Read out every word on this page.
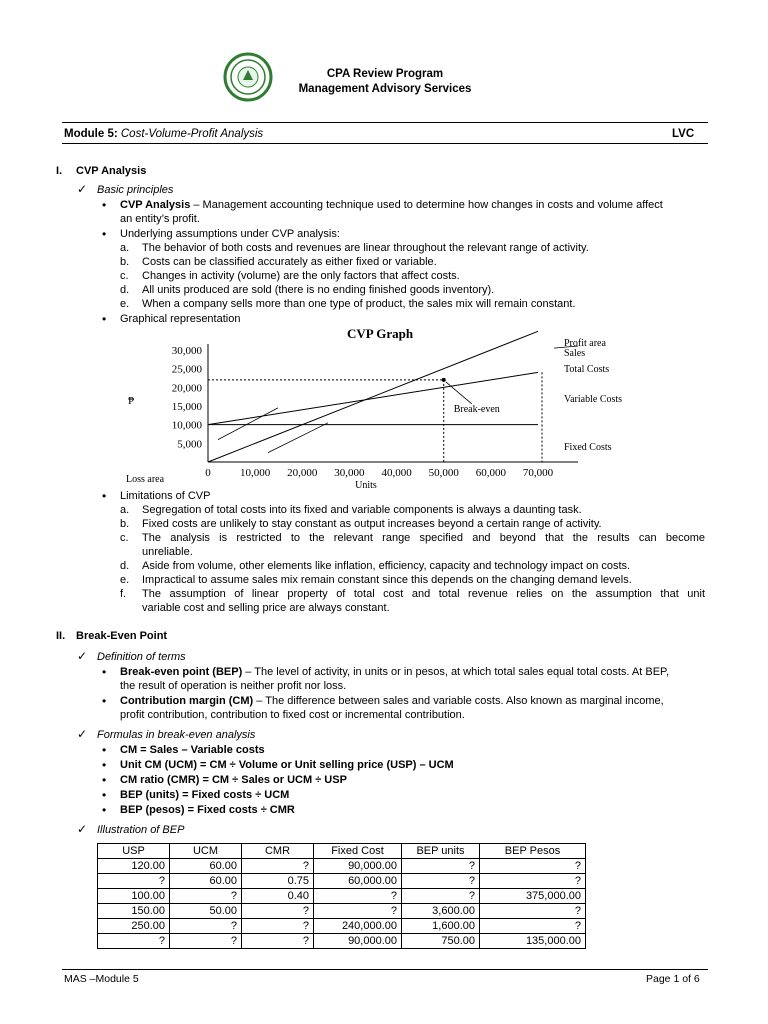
CPA Review Program
Management Advisory Services
Module 5: Cost-Volume-Profit Analysis	LVC
I. CVP Analysis
✓ Basic principles
• CVP Analysis – Management accounting technique used to determine how changes in costs and volume affect
an entity’s profit.
• Underlying assumptions under CVP analysis:
a. The behavior of both costs and revenues are linear throughout the relevant range of activity.
b. Costs can be classified accurately as either fixed or variable.
c. Changes in activity (volume) are the only factors that affect costs.
d. All units produced are sold (there is no ending finished goods inventory).
e. When a company sells more than one type of product, the sales mix will remain constant.
• Graphical representation
CVP Graph
₱
Units
5,000
10,000
15,000
20,000
25,000
30,000
0	10,000 20,000 30,000 40,000 50,000 60,000 70,000
Break-even
Profit area
Sales
Total Costs
Variable Costs
Fixed Costs
Loss area
• Limitations of CVP
a. Segregation of total costs into its fixed and variable components is always a daunting task.
b. Fixed costs are unlikely to stay constant as output increases beyond a certain range of activity.
c. The analysis is restricted to the relevant range specified and beyond that the results can become
unreliable.
d. Aside from volume, other elements like inflation, efficiency, capacity and technology impact on costs.
e. Impractical to assume sales mix remain constant since this depends on the changing demand levels.
f. The assumption of linear property of total cost and total revenue relies on the assumption that unit
variable cost and selling price are always constant.
II. Break-Even Point
✓ Definition of terms
• Break-even point (BEP) – The level of activity, in units or in pesos, at which total sales equal total costs. At BEP,
the result of operation is neither profit nor loss.
• Contribution margin (CM) – The difference between sales and variable costs. Also known as marginal income,
profit contribution, contribution to fixed cost or incremental contribution.
✓ Formulas in break-even analysis
• CM = Sales – Variable costs
• Unit CM (UCM) = CM ÷ Volume or Unit selling price (USP) – UCM
• CM ratio (CMR) = CM ÷ Sales or UCM ÷ USP
• BEP (units) = Fixed costs ÷ UCM
• BEP (pesos) = Fixed costs ÷ CMR
✓ Illustration of BEP
USP	UCM	CMR	Fixed Cost	BEP units	BEP Pesos
120.00	60.00	?	90,000.00	?	?
?	60.00	0.75	60,000.00	?	?
100.00	?	0.40	?	?	375,000.00
150.00	50.00	?	?	3,600.00	?
250.00	?	?	240,000.00	1,600.00	?
?	?	?	90,000.00	750.00	135,000.00
MAS –Module 5	Page 1 of 6
